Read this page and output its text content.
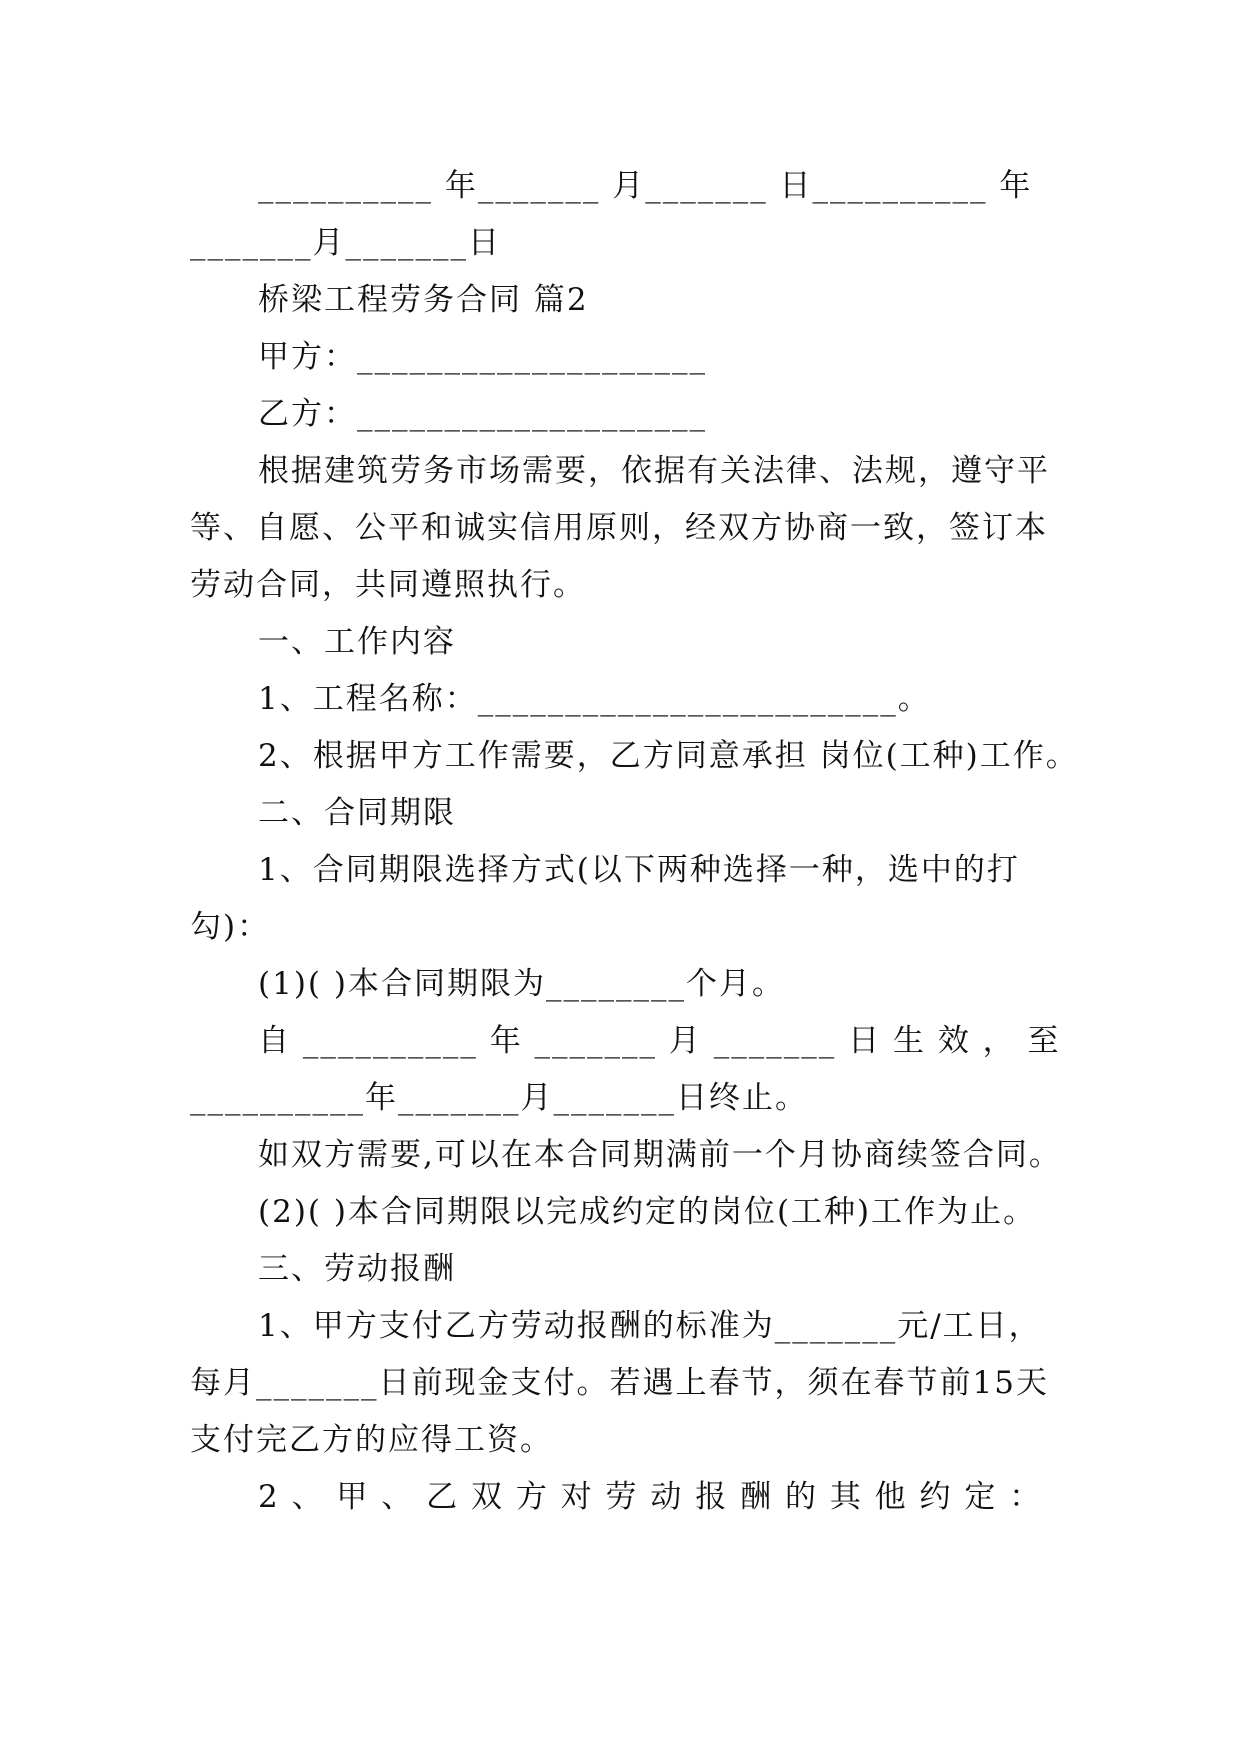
__________ 年_______ 月_______ 日__________ 年
_______月_______日
桥梁工程劳务合同 篇2
甲方：____________________
乙方：____________________
根据建筑劳务市场需要，依据有关法律、法规，遵守平
等、自愿、公平和诚实信用原则，经双方协商一致，签订本
劳动合同，共同遵照执行。
一、工作内容
1、工程名称：________________________。
2、根据甲方工作需要，乙方同意承担 岗位(工种)工作。
二、合同期限
1、合同期限选择方式(以下两种选择一种，选中的打
勾)：
(1)( )本合同期限为________个月。
自 __________ 年 _______ 月 _______ 日 生 效 ， 至
__________年_______月_______日终止。
如双方需要,可以在本合同期满前一个月协商续签合同。
(2)( )本合同期限以完成约定的岗位(工种)工作为止。
三、劳动报酬
1、甲方支付乙方劳动报酬的标准为_______元/工日，
每月_______日前现金支付。若遇上春节，须在春节前15天
支付完乙方的应得工资。
2 、 甲 、 乙 双 方 对 劳 动 报 酬 的 其 他 约 定 ：
